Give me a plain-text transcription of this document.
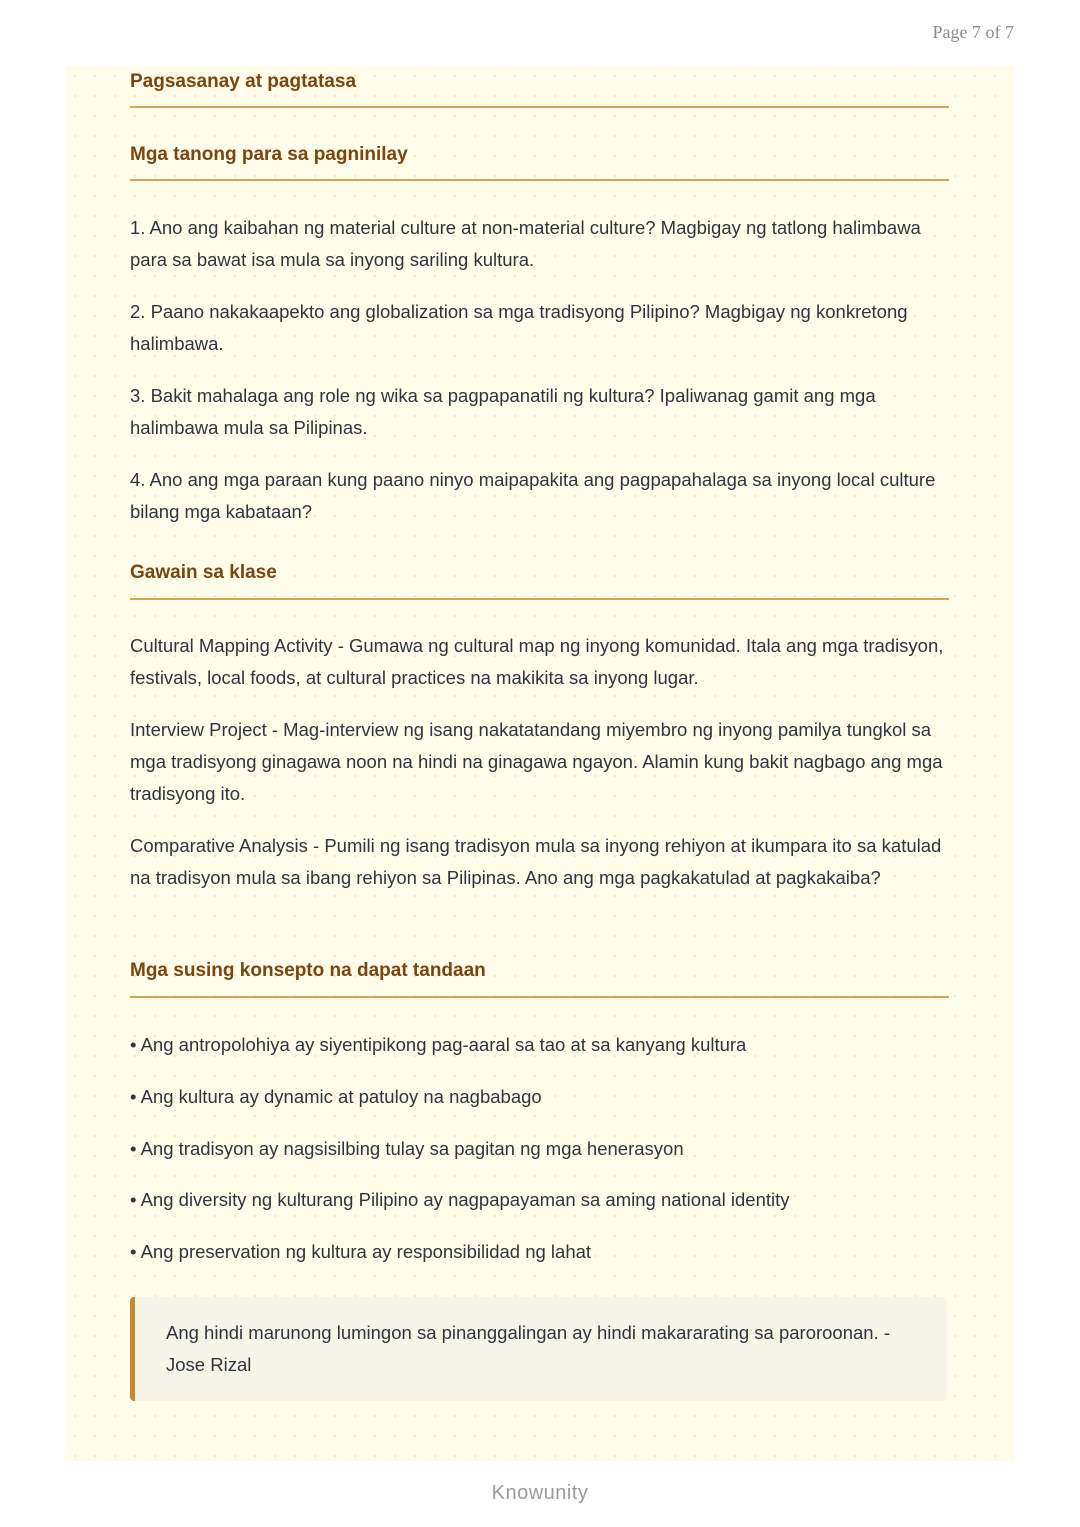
Page 7 of 7
Pagsasanay at pagtatasa
Mga tanong para sa pagninilay

1. Ano ang kaibahan ng material culture at non-material culture? Magbigay ng tatlong halimbawa para sa bawat isa mula sa inyong sariling kultura.

2. Paano nakakaapekto ang globalization sa mga tradisyong Pilipino? Magbigay ng konkretong halimbawa.

3. Bakit mahalaga ang role ng wika sa pagpapanatili ng kultura? Ipaliwanag gamit ang mga halimbawa mula sa Pilipinas.

4. Ano ang mga paraan kung paano ninyo maipapakita ang pagpapahalaga sa inyong local culture bilang mga kabataan?

Gawain sa klase

Cultural Mapping Activity - Gumawa ng cultural map ng inyong komunidad. Itala ang mga tradisyon, festivals, local foods, at cultural practices na makikita sa inyong lugar.

Interview Project - Mag-interview ng isang nakatatandang miyembro ng inyong pamilya tungkol sa mga tradisyong ginagawa noon na hindi na ginagawa ngayon. Alamin kung bakit nagbago ang mga tradisyong ito.

Comparative Analysis - Pumili ng isang tradisyon mula sa inyong rehiyon at ikumpara ito sa katulad na tradisyon mula sa ibang rehiyon sa Pilipinas. Ano ang mga pagkakatulad at pagkakaiba?

Mga susing konsepto na dapat tandaan

• Ang antropolohiya ay siyentipikong pag-aaral sa tao at sa kanyang kultura

• Ang kultura ay dynamic at patuloy na nagbabago

• Ang tradisyon ay nagsisilbing tulay sa pagitan ng mga henerasyon

• Ang diversity ng kulturang Pilipino ay nagpapayaman sa aming national identity

• Ang preservation ng kultura ay responsibilidad ng lahat

Ang hindi marunong lumingon sa pinanggalingan ay hindi makararating sa paroroonan. - Jose Rizal

Knowunity
